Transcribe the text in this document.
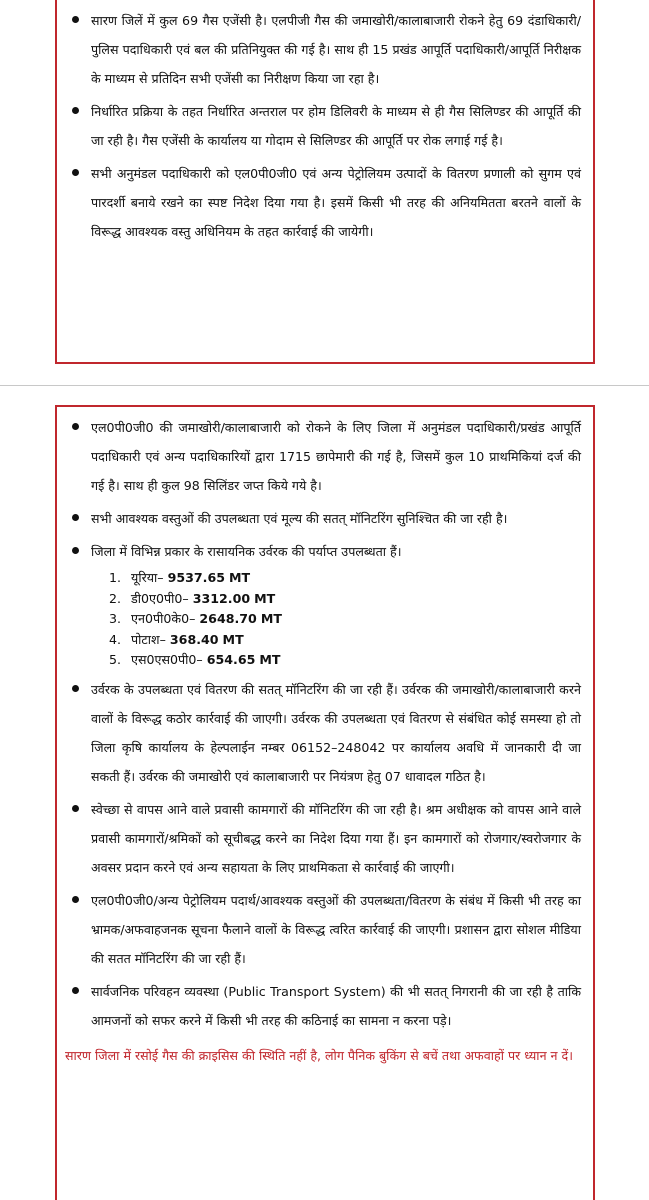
सारण जिलें में कुल 69 गैस एजेंसी है। एलपीजी गैस की जमाखोरी/कालाबाजारी रोकने हेतु 69 दंडाधिकारी/पुलिस पदाधिकारी एवं बल की प्रतिनियुक्त की गई है। साथ ही 15 प्रखंड आपूर्ति पदाधिकारी/आपूर्ति निरीक्षक के माध्यम से प्रतिदिन सभी एजेंसी का निरीक्षण किया जा रहा है।
निर्धारित प्रक्रिया के तहत निर्धारित अन्तराल पर होम डिलिवरी के माध्यम से ही गैस सिलिण्डर की आपूर्ति की जा रही है। गैस एजेंसी के कार्यालय या गोदाम से सिलिण्डर की आपूर्ति पर रोक लगाई गई है।
सभी अनुमंडल पदाधिकारी को एल0पी0जी0 एवं अन्य पेट्रोलियम उत्पादों के वितरण प्रणाली को सुगम एवं पारदर्शी बनाये रखने का स्पष्ट निदेश दिया गया है। इसमें किसी भी तरह की अनियमितता बरतने वालों के विरूद्ध आवश्यक वस्तु अधिनियम के तहत कार्रवाई की जायेगी।
एल0पी0जी0 की जमाखोरी/कालाबाजारी को रोकने के लिए जिला में अनुमंडल पदाधिकारी/प्रखंड आपूर्ति पदाधिकारी एवं अन्य पदाधिकारियों द्वारा 1715 छापेमारी की गई है, जिसमें कुल 10 प्राथमिकियां दर्ज की गई है। साथ ही कुल 98 सिलिंडर जप्त किये गये है।
सभी आवश्यक वस्तुओं की उपलब्धता एवं मूल्य की सतत् मॉनिटरिंग सुनिश्चित की जा रही है।
जिला में विभिन्न प्रकार के रासायनिक उर्वरक की पर्याप्त उपलब्धता हैं।
1. यूरिया– 9537.65 MT
2. डी0ए0पी0– 3312.00 MT
3. एन0पी0के0– 2648.70 MT
4. पोटाश– 368.40 MT
5. एस0एस0पी0– 654.65 MT
उर्वरक के उपलब्धता एवं वितरण की सतत् मॉनिटरिंग की जा रही हैं। उर्वरक की जमाखोरी/कालाबाजारी करने वालों के विरूद्ध कठोर कार्रवाई की जाएगी। उर्वरक की उपलब्धता एवं वितरण से संबंधित कोई समस्या हो तो जिला कृषि कार्यालय के हेल्पलाईन नम्बर 06152–248042 पर कार्यालय अवधि में जानकारी दी जा सकती हैं। उर्वरक की जमाखोरी एवं कालाबाजारी पर नियंत्रण हेतु 07 धावादल गठित है।
स्वेच्छा से वापस आने वाले प्रवासी कामगारों की मॉनिटरिंग की जा रही है। श्रम अधीक्षक को वापस आने वाले प्रवासी कामगारों/श्रमिकों को सूचीबद्ध करने का निदेश दिया गया हैं। इन कामगारों को रोजगार/स्वरोजगार के अवसर प्रदान करने एवं अन्य सहायता के लिए प्राथमिकता से कार्रवाई की जाएगी।
एल0पी0जी0/अन्य पेट्रोलियम पदार्थ/आवश्यक वस्तुओं की उपलब्धता/वितरण के संबंध में किसी भी तरह का भ्रामक/अफवाहजनक सूचना फैलाने वालों के विरूद्ध त्वरित कार्रवाई की जाएगी। प्रशासन द्वारा सोशल मीडिया की सतत मॉनिटरिंग की जा रही हैं।
सार्वजनिक परिवहन व्यवस्था (Public Transport System) की भी सतत् निगरानी की जा रही है ताकि आमजनों को सफर करने में किसी भी तरह की कठिनाई का सामना न करना पड़े।
सारण जिला में रसोई गैस की क्राइसिस की स्थिति नहीं है, लोग पैनिक बुकिंग से बचें तथा अफवाहों पर ध्यान न दें।
